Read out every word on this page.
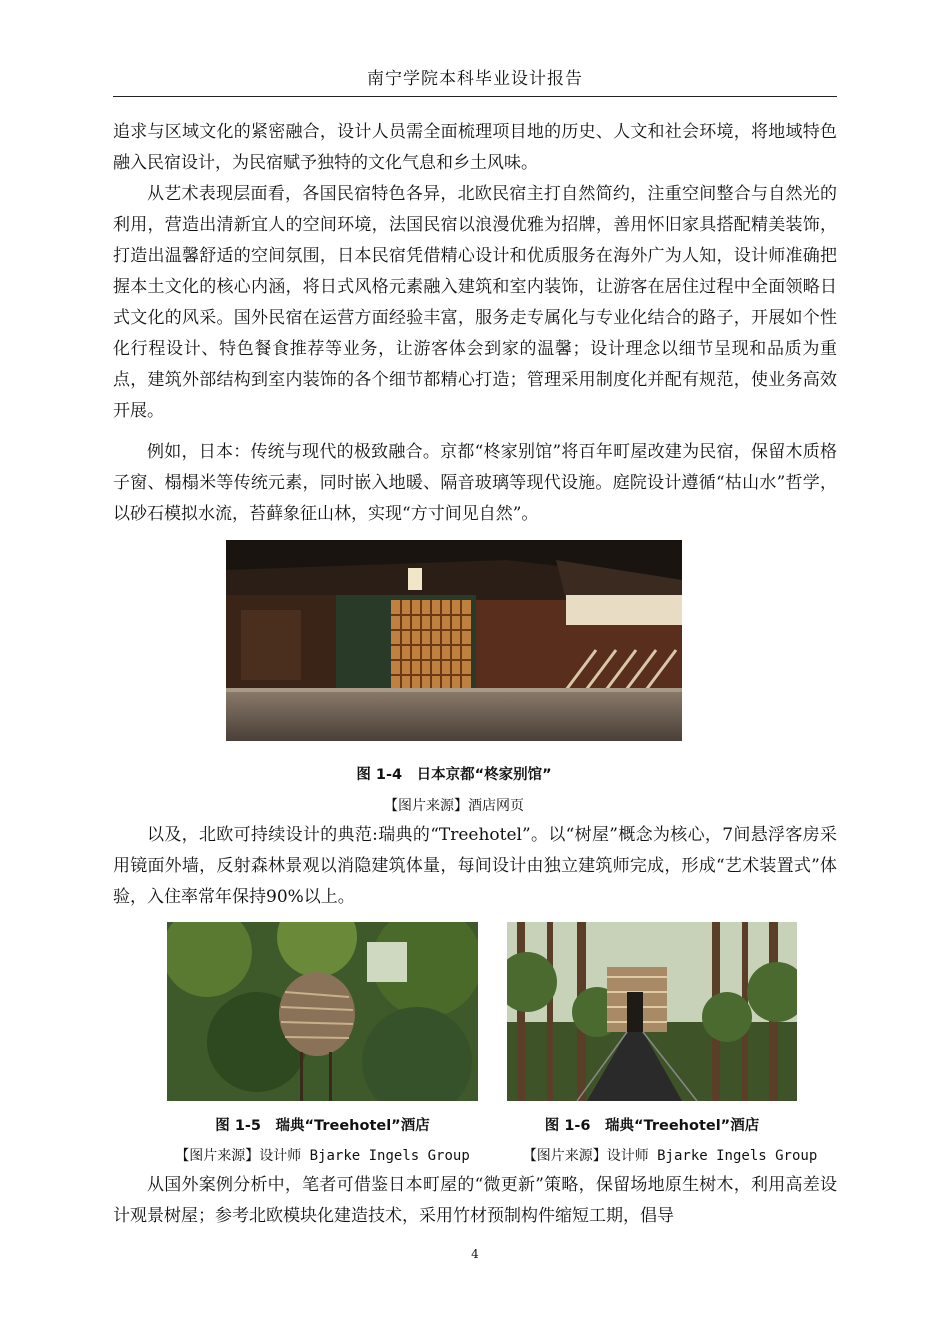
南宁学院本科毕业设计报告

追求与区域文化的紧密融合，设计人员需全面梳理项目地的历史、人文和社会环境，将地域特色融入民宿设计，为民宿赋予独特的文化气息和乡土风味。

从艺术表现层面看，各国民宿特色各异，北欧民宿主打自然简约，注重空间整合与自然光的利用，营造出清新宜人的空间环境，法国民宿以浪漫优雅为招牌，善用怀旧家具搭配精美装饰，打造出温馨舒适的空间氛围，日本民宿凭借精心设计和优质服务在海外广为人知，设计师准确把握本土文化的核心内涵，将日式风格元素融入建筑和室内装饰，让游客在居住过程中全面领略日式文化的风采。国外民宿在运营方面经验丰富，服务走专属化与专业化结合的路子，开展如个性化行程设计、特色餐食推荐等业务，让游客体会到家的温馨；设计理念以细节呈现和品质为重点，建筑外部结构到室内装饰的各个细节都精心打造；管理采用制度化并配有规范，使业务高效开展。

例如，日本：传统与现代的极致融合。京都“柊家别馆”将百年町屋改建为民宿，保留木质格子窗、榻榻米等传统元素，同时嵌入地暖、隔音玻璃等现代设施。庭院设计遵循“枯山水”哲学，以砂石模拟水流，苔藓象征山林，实现“方寸间见自然”。

图 1-4　日本京都“柊家别馆”
【图片来源】酒店网页

以及，北欧可持续设计的典范:瑞典的“Treehotel”。以“树屋”概念为核心，7间悬浮客房采用镜面外墙，反射森林景观以消隐建筑体量，每间设计由独立建筑师完成，形成“艺术装置式”体验，入住率常年保持90%以上。

图 1-5　瑞典“Treehotel”酒店	图 1-6　瑞典“Treehotel”酒店
【图片来源】设计师 Bjarke Ingels Group	【图片来源】设计师 Bjarke Ingels Group

从国外案例分析中，笔者可借鉴日本町屋的“微更新”策略，保留场地原生树木，利用高差设计观景树屋；参考北欧模块化建造技术，采用竹材预制构件缩短工期，倡导

4
